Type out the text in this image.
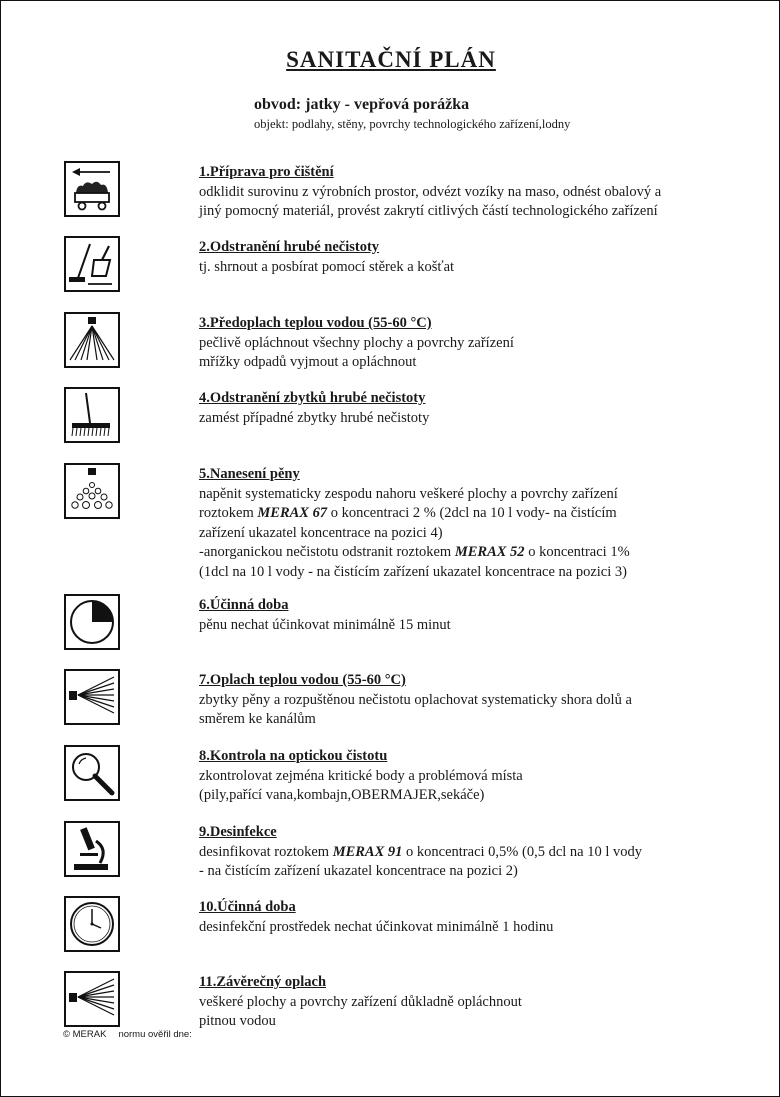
SANITAČNÍ PLÁN
obvod: jatky - vepřová porážka
objekt: podlahy, stěny, povrchy technologického zařízení,lodny
1.Příprava pro čištění
odklidit surovinu z výrobních prostor, odvézt vozíky na maso, odnést obalový a
jiný pomocný materiál, provést zakrytí citlivých částí technologického zařízení
2.Odstranění hrubé nečistoty
tj. shrnout a posbírat pomocí stěrek a košťat
3.Předoplach teplou vodou (55-60 °C)
pečlivě opláchnout všechny plochy a povrchy zařízení
mřížky odpadů vyjmout a opláchnout
4.Odstranění zbytků hrubé nečistoty
zamést případné zbytky hrubé nečistoty
5.Nanesení pěny
napěnit systematicky zespodu nahoru veškeré plochy a povrchy zařízení
roztokem MERAX 67 o koncentraci 2 % (2dcl na 10 l vody- na čistícím
zařízení ukazatel koncentrace na pozici 4)
-anorganickou nečistotu odstranit roztokem MERAX 52 o koncentraci 1%
(1dcl na 10 l vody - na čistícím zařízení ukazatel koncentrace na pozici 3)
6.Účinná doba
pěnu nechat účinkovat minimálně 15 minut
7.Oplach teplou vodou (55-60 °C)
zbytky pěny a rozpuštěnou nečistotu oplachovat systematicky shora dolů a
směrem ke kanálům
8.Kontrola na optickou čistotu
zkontrolovat zejména kritické body a problémová místa
(pily,pařící vana,kombajn,OBERMAJER,sekáče)
9.Desinfekce
desinfikovat roztokem MERAX 91 o koncentraci 0,5% (0,5 dcl na 10 l vody
- na čistícím zařízení ukazatel koncentrace na pozici 2)
10.Účinná doba
desinfekční prostředek nechat účinkovat minimálně 1 hodinu
11.Závěrečný oplach
veškeré plochy a povrchy zařízení důkladně opláchnout
pitnou vodou
© MERAK normu ověřil dne:
